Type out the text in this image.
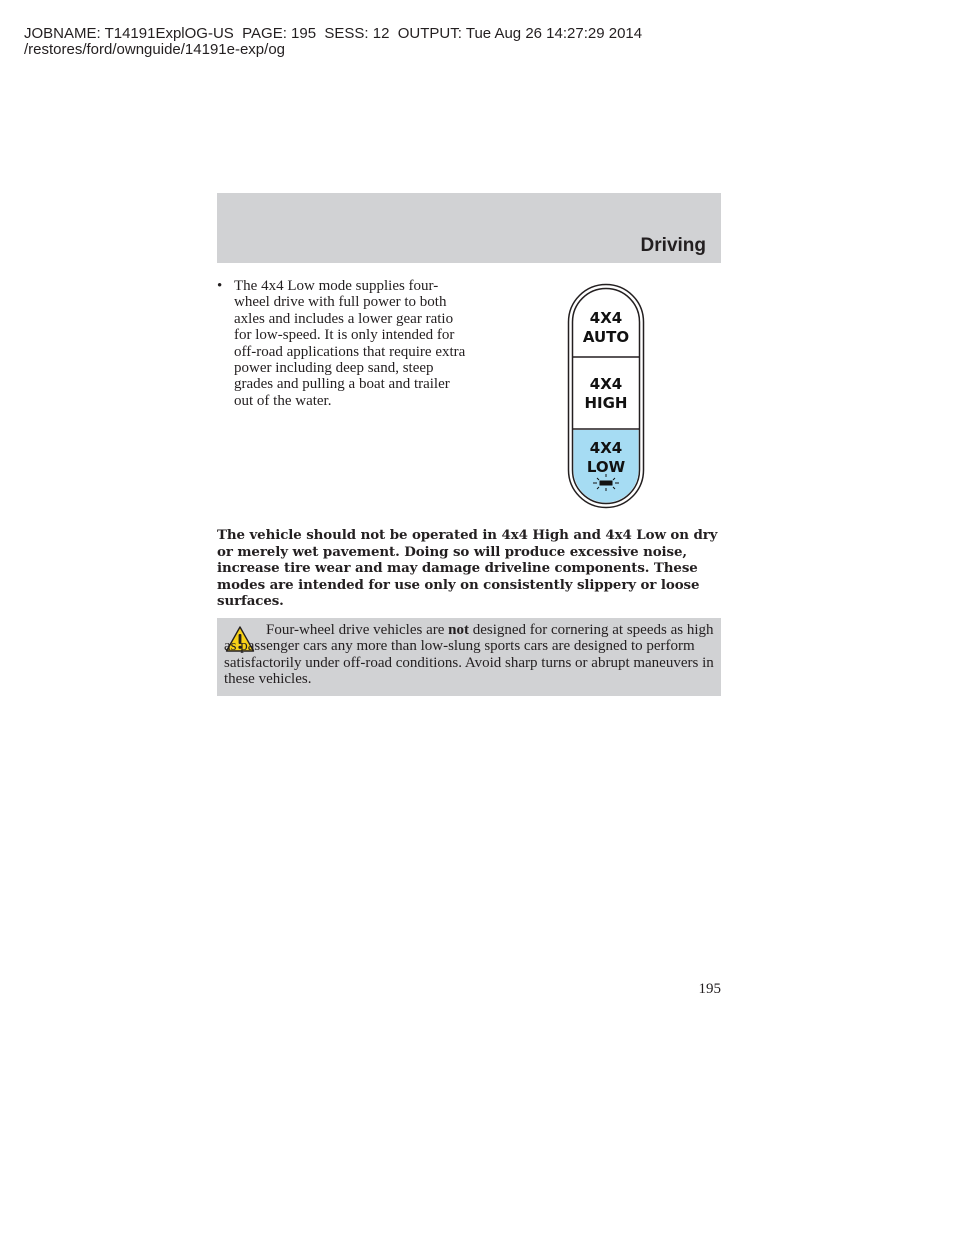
JOBNAME: T14191ExplOG-US  PAGE: 195  SESS: 12  OUTPUT: Tue Aug 26 14:27:29 2014
/restores/ford/ownguide/14191e-exp/og
Driving
• The 4x4 Low mode supplies four-wheel drive with full power to both axles and includes a lower gear ratio for low-speed. It is only intended for off-road applications that require extra power including deep sand, steep grades and pulling a boat and trailer out of the water.
4X4
AUTO
4X4
HIGH
4X4
LOW
The vehicle should not be operated in 4x4 High and 4x4 Low on dry or merely wet pavement. Doing so will produce excessive noise, increase tire wear and may damage driveline components. These modes are intended for use only on consistently slippery or loose surfaces.
Four-wheel drive vehicles are not designed for cornering at speeds as high as passenger cars any more than low-slung sports cars are designed to perform satisfactorily under off-road conditions. Avoid sharp turns or abrupt maneuvers in these vehicles.
195
